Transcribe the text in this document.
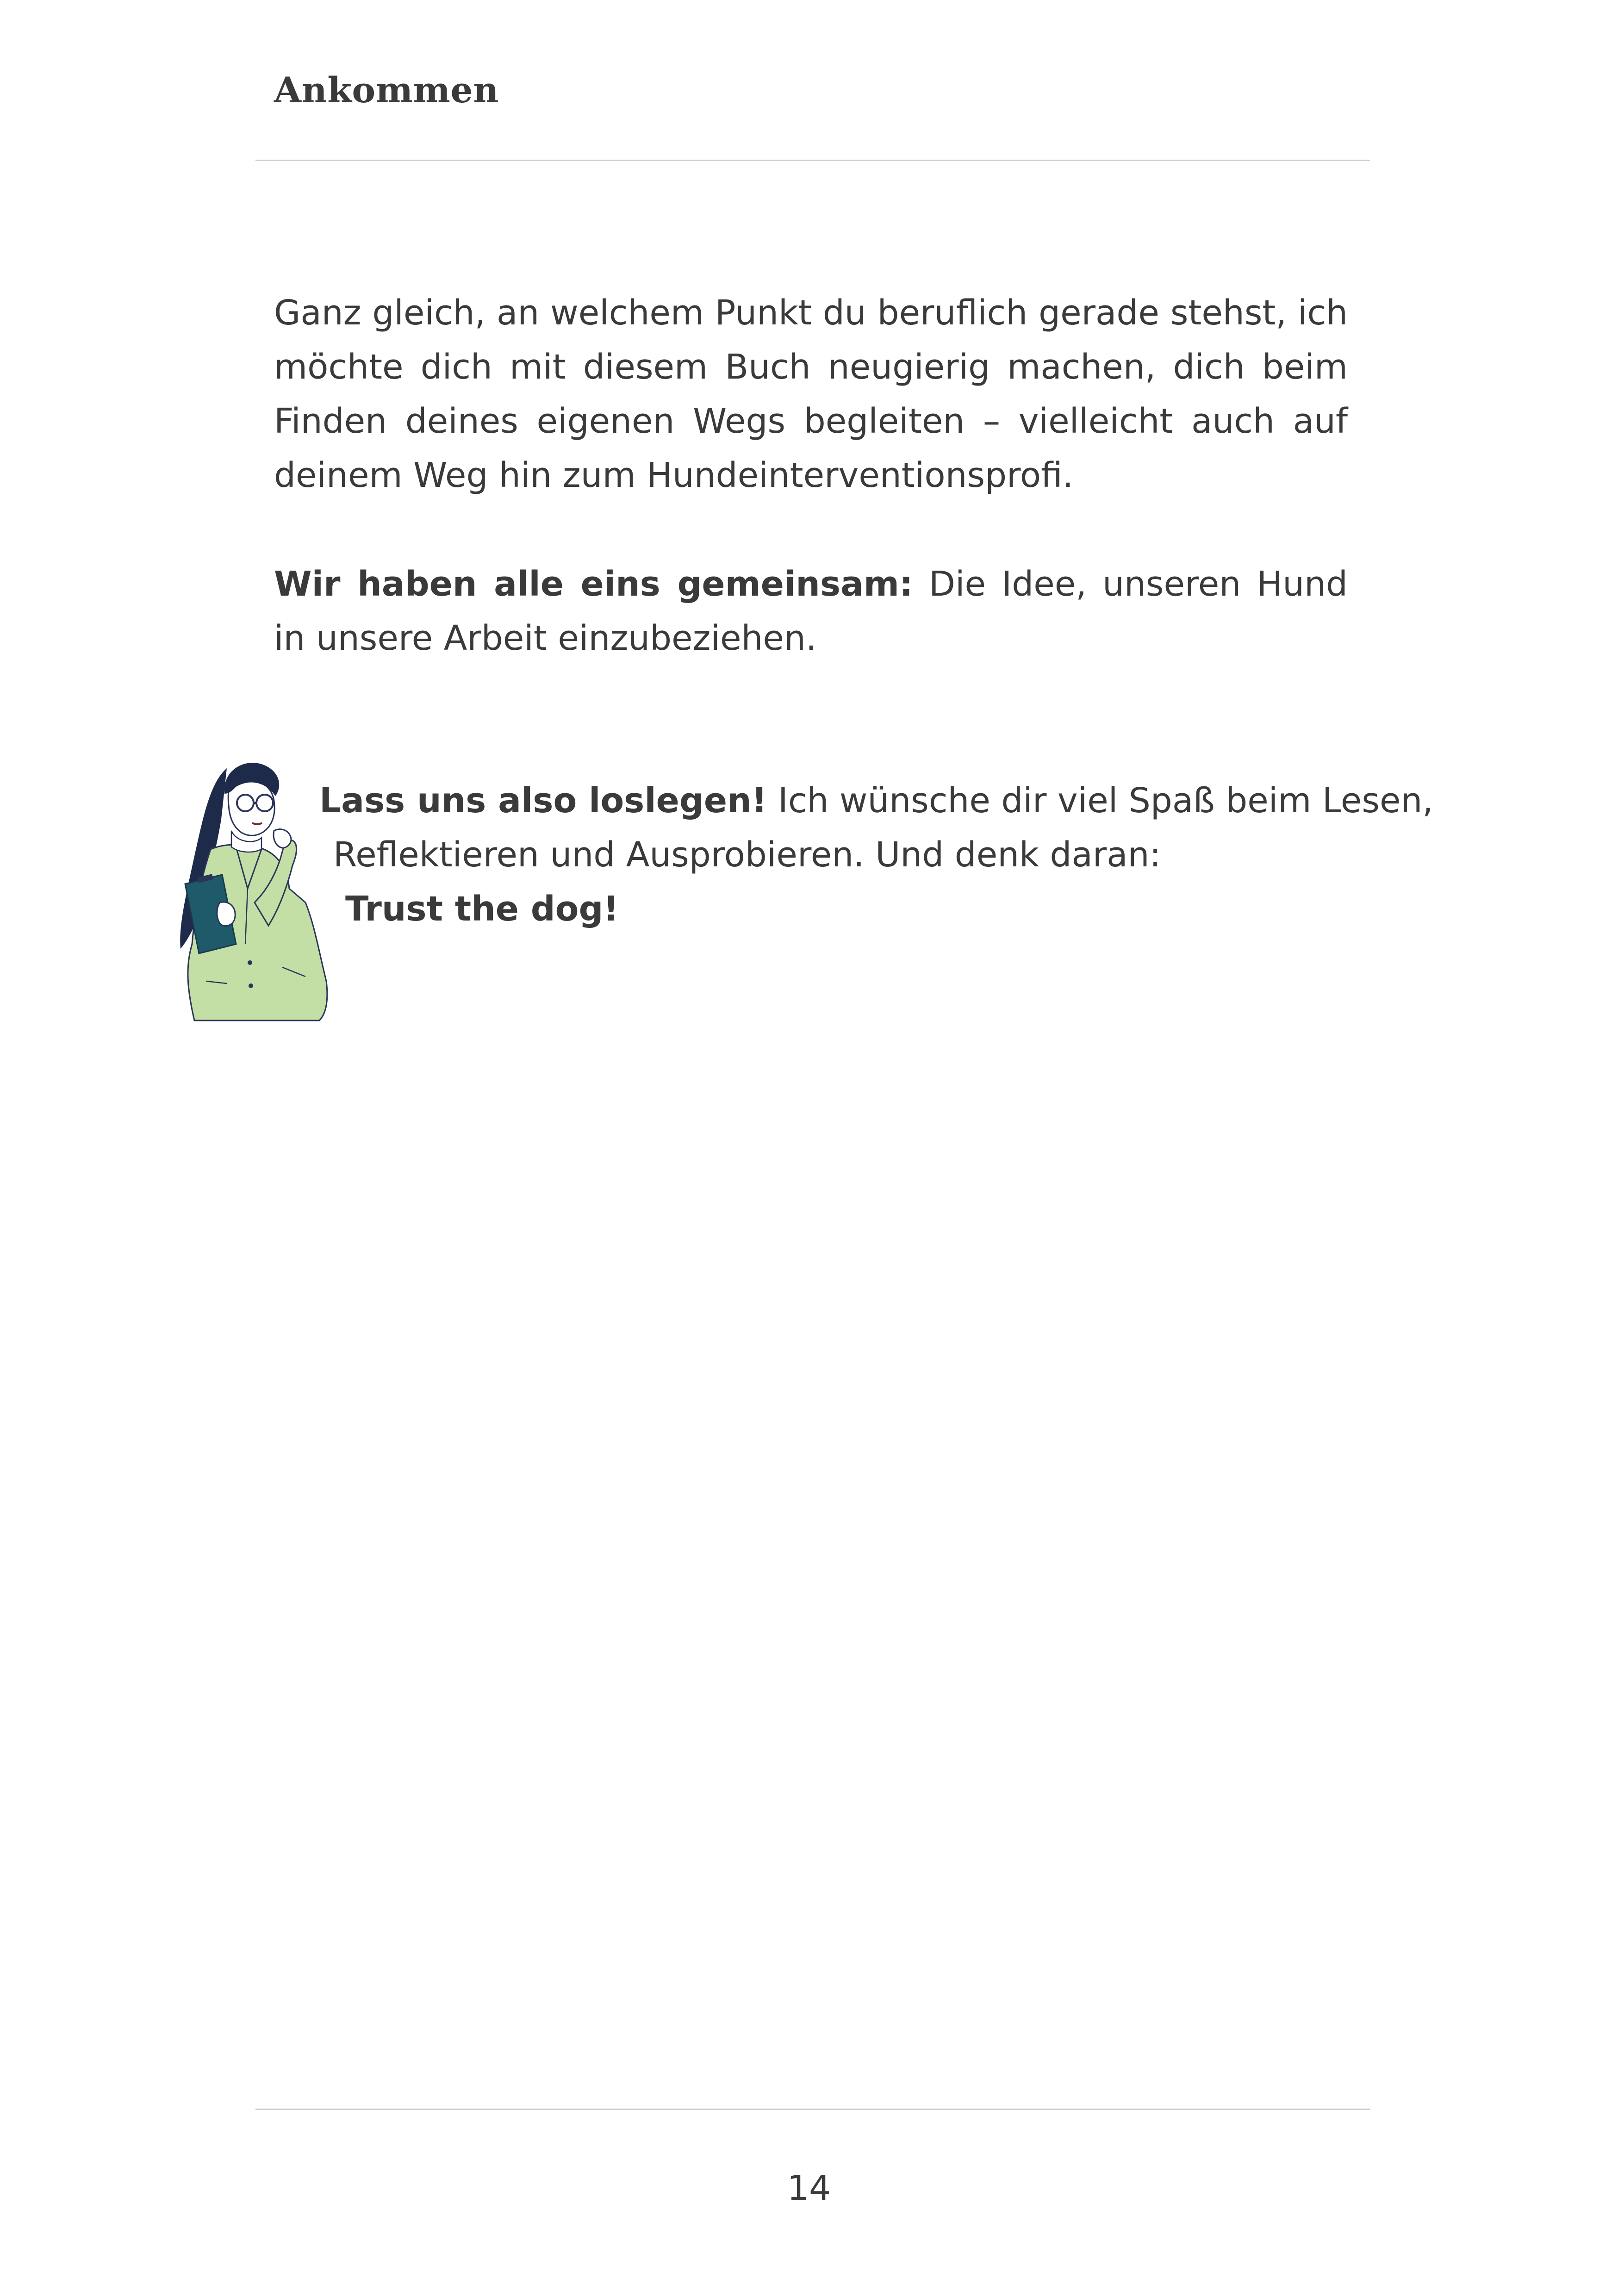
Ankommen
Ganz gleich, an welchem Punkt du beruflich gerade stehst, ich möchte dich mit diesem Buch neugierig machen, dich beim Finden deines eigenen Wegs begleiten – vielleicht auch auf deinem Weg hin zum Hundeinterventionsprofi.
Wir haben alle eins gemeinsam: Die Idee, unseren Hund in unsere Arbeit einzubeziehen.
Lass uns also loslegen! Ich wünsche dir viel Spaß beim Lesen,
Reflektieren und Ausprobieren. Und denk daran:
Trust the dog!
14
